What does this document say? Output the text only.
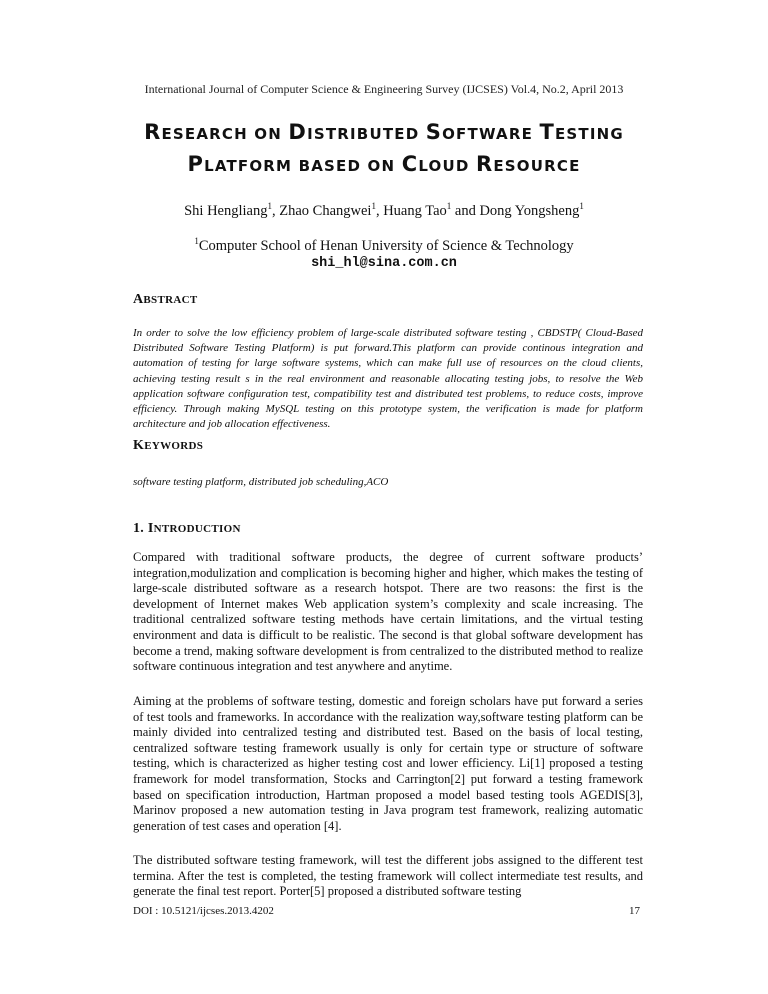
International Journal of Computer Science & Engineering Survey (IJCSES) Vol.4, No.2, April 2013
RESEARCH ON DISTRIBUTED SOFTWARE TESTING
PLATFORM BASED ON CLOUD RESOURCE
Shi Hengliang$^1$, Zhao Changwei$^1$, Huang Tao$^1$ and Dong Yongsheng$^1$
$^1$Computer School of Henan University of Science & Technology
shi_hl@sina.com.cn
ABSTRACT

In order to solve the low efficiency problem of large-scale distributed software testing , CBDSTP( Cloud-Based Distributed Software Testing Platform) is put forward.This platform can provide continous integration and automation of testing for large software systems, which can make full use of resources on the cloud clients, achieving testing result s in the real environment and reasonable allocating testing jobs, to resolve the Web application software configuration test, compatibility test and distributed test problems, to reduce costs, improve efficiency. Through making MySQL testing on this prototype system, the verification is made for platform architecture and job allocation effectiveness.

KEYWORDS

software testing platform, distributed job scheduling,ACO

1. INTRODUCTION

Compared with traditional software products, the degree of current software products’ integration,modulization and complication is becoming higher and higher, which makes the testing of large-scale distributed software as a research hotspot. There are two reasons: the first is the development of Internet makes Web application system’s complexity and scale increasing. The traditional centralized software testing methods have certain limitations, and the virtual testing environment and data is difficult to be realistic. The second is that global software development has become a trend, making software development is from centralized to the distributed method to realize software continuous integration and test anywhere and anytime.

Aiming at the problems of software testing, domestic and foreign scholars have put forward a series of test tools and frameworks. In accordance with the realization way,software testing platform can be mainly divided into centralized testing and distributed test. Based on the basis of local testing, centralized software testing framework usually is only for certain type or structure of software testing, which is characterized as higher testing cost and lower efficiency. Li[1] proposed a testing framework for model transformation, Stocks and Carrington[2] put forward a testing framework based on specification introduction, Hartman proposed a model based testing tools AGEDIS[3], Marinov proposed a new automation testing in Java program test framework, realizing automatic generation of test cases and operation [4].

The distributed software testing framework, will test the different jobs assigned to the different test termina. After the test is completed, the testing framework will collect intermediate test results, and generate the final test report. Porter[5] proposed a distributed software testing

DOI : 10.5121/ijcses.2013.4202	17
